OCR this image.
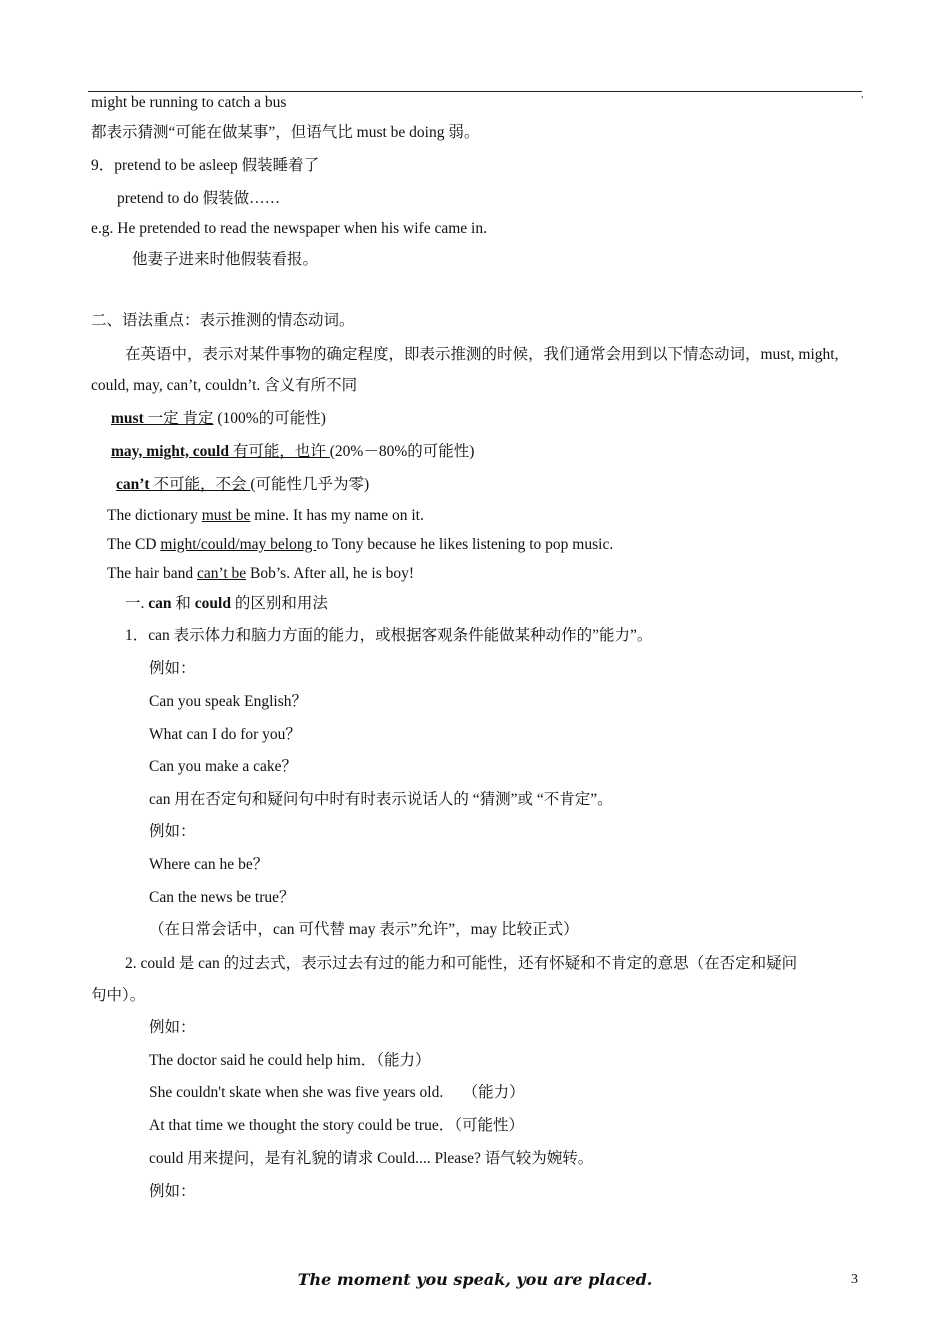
,
might be running to catch a bus
都表示猜测“可能在做某事”，但语气比 must be doing 弱。
9．pretend to be asleep 假装睡着了
pretend to do 假装做……
e.g. He pretended to read the newspaper when his wife came in.
他妻子进来时他假装看报。
二、语法重点：表示推测的情态动词。
在英语中，表示对某件事物的确定程度，即表示推测的时候，我们通常会用到以下情态动词，must, might,
could, may, can’t, couldn’t. 含义有所不同
must 一定 肯定 (100%的可能性)
may, might, could 有可能，也许 (20%－80%的可能性)
can’t 不可能，不会 (可能性几乎为零)
The dictionary must be mine. It has my name on it.
The CD might/could/may belong to Tony because he likes listening to pop music.
The hair band can’t be Bob’s. After all, he is boy!
一. can 和 could 的区别和用法
1．can 表示体力和脑力方面的能力，或根据客观条件能做某种动作的”能力”。
例如：
Can you speak English？
What can I do for you？
Can you make a cake？
can 用在否定句和疑问句中时有时表示说话人的 “猜测”或 “不肯定”。
例如：
Where can he be？
Can the news be true？
（在日常会话中，can 可代替 may 表示”允许”，may 比较正式）
2. could 是 can 的过去式，表示过去有过的能力和可能性，还有怀疑和不肯定的意思（在否定和疑问
句中）。
例如：
The doctor said he could help him．（能力）
She couldn't skate when she was five years old.     （能力）
At that time we thought the story could be true．（可能性）
could 用来提问，是有礼貌的请求 Could.... Please? 语气较为婉转。
例如：
The moment you speak, you are placed.	3
